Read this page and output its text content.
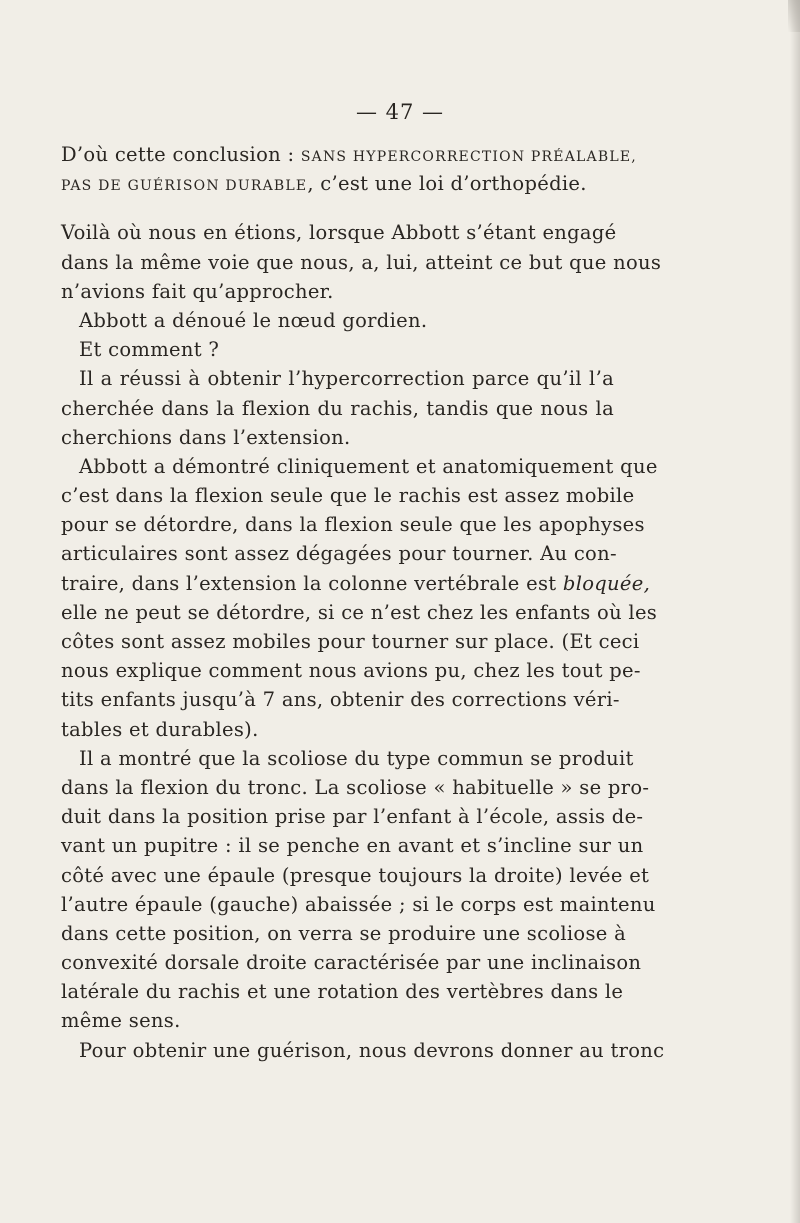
— 47 —
D’où cette conclusion : SANS HYPERCORRECTION PRÉALABLE,
PAS DE GUÉRISON DURABLE, c’est une loi d’orthopédie.
Voilà où nous en étions, lorsque Abbott s’étant engagé
dans la même voie que nous, a, lui, atteint ce but que nous
n’avions fait qu’approcher.
Abbott a dénoué le nœud gordien.
Et comment ?
Il a réussi à obtenir l’hypercorrection parce qu’il l’a
cherchée dans la flexion du rachis, tandis que nous la
cherchions dans l’extension.
Abbott a démontré cliniquement et anatomiquement que
c’est dans la flexion seule que le rachis est assez mobile
pour se détordre, dans la flexion seule que les apophyses
articulaires sont assez dégagées pour tourner. Au con-
traire, dans l’extension la colonne vertébrale est bloquée,
elle ne peut se détordre, si ce n’est chez les enfants où les
côtes sont assez mobiles pour tourner sur place. (Et ceci
nous explique comment nous avions pu, chez les tout pe-
tits enfants jusqu’à 7 ans, obtenir des corrections véri-
tables et durables).
Il a montré que la scoliose du type commun se produit
dans la flexion du tronc. La scoliose « habituelle » se pro-
duit dans la position prise par l’enfant à l’école, assis de-
vant un pupitre : il se penche en avant et s’incline sur un
côté avec une épaule (presque toujours la droite) levée et
l’autre épaule (gauche) abaissée ; si le corps est maintenu
dans cette position, on verra se produire une scoliose à
convexité dorsale droite caractérisée par une inclinaison
latérale du rachis et une rotation des vertèbres dans le
même sens.
Pour obtenir une guérison, nous devrons donner au tronc
